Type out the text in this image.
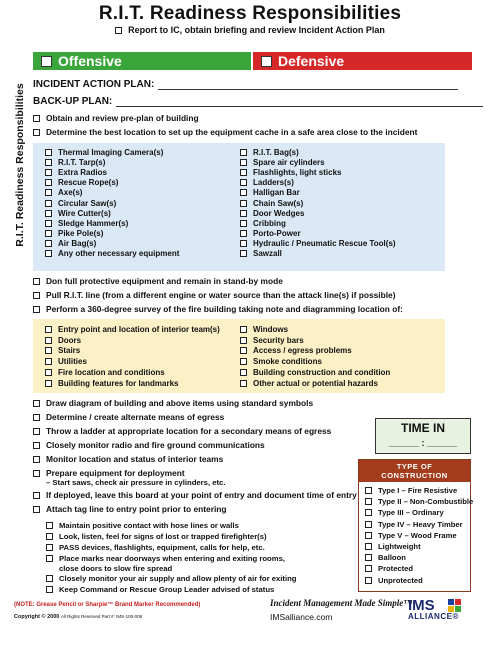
R.I.T. Readiness Responsibilities
Report to IC, obtain briefing and review Incident Action Plan
R.I.T. Readiness Responsibilities
Offensive	Defensive
INCIDENT ACTION PLAN:
BACK-UP PLAN:
Obtain and review pre-plan of building
Determine the best location to set up the equipment cache in a safe area close to the incident
Thermal Imaging Camera(s)
R.I.T. Tarp(s)
Extra Radios
Rescue Rope(s)
Axe(s)
Circular Saw(s)
Wire Cutter(s)
Sledge Hammer(s)
Pike Pole(s)
Air Bag(s)
Any other necessary equipment
R.I.T. Bag(s)
Spare air cylinders
Flashlights, light sticks
Ladders(s)
Halligan Bar
Chain Saw(s)
Door Wedges
Cribbing
Porto-Power
Hydraulic / Pneumatic Rescue Tool(s)
Sawzall
Don full protective equipment and remain in stand-by mode
Pull R.I.T. line (from a different engine or water source than the attack line(s) if possible)
Perform a 360-degree survey of the fire building taking note and diagramming location of:
Entry point and location of interior team(s)
Doors
Stairs
Utilities
Fire location and conditions
Building features for landmarks
Windows
Security bars
Access / egress problems
Smoke conditions
Building construction and condition
Other actual or potential hazards
Draw diagram of building and above items using standard symbols
Determine / create alternate means of egress
Throw a ladder at appropriate location for a secondary means of egress
Closely monitor radio and fire ground communications
Monitor location and status of interior teams
Prepare equipment for deployment
– Start saws, check air pressure in cylinders, etc.
If deployed, leave this board at your point of entry and document time of entry
Attach tag line to entry point prior to entering
Maintain positive contact with hose lines or walls
Look, listen, feel for signs of lost or trapped firefighter(s)
PASS devices, flashlights, equipment, calls for help, etc.
Place marks near doorways when entering and exiting rooms,
close doors to slow fire spread
Closely monitor your air supply and allow plenty of air for exiting
Keep Command or Rescue Group Leader advised of status
TIME IN
______ : ______
TYPE OF
CONSTRUCTION
Type I – Fire Resistive
Type II – Non-Combustible
Type III – Ordinary
Type IV – Heavy Timber
Type V – Wood Frame
Lightweight
Balloon
Protected
Unprotected
(NOTE: Grease Pencil or Sharpie™ Brand Marker Recommended)
Copyright © 2000 All Rights Reserved Part #: IMS-100-008
Incident Management Made Simple™
IMSalliance.com
IMS
ALLIANCE®
